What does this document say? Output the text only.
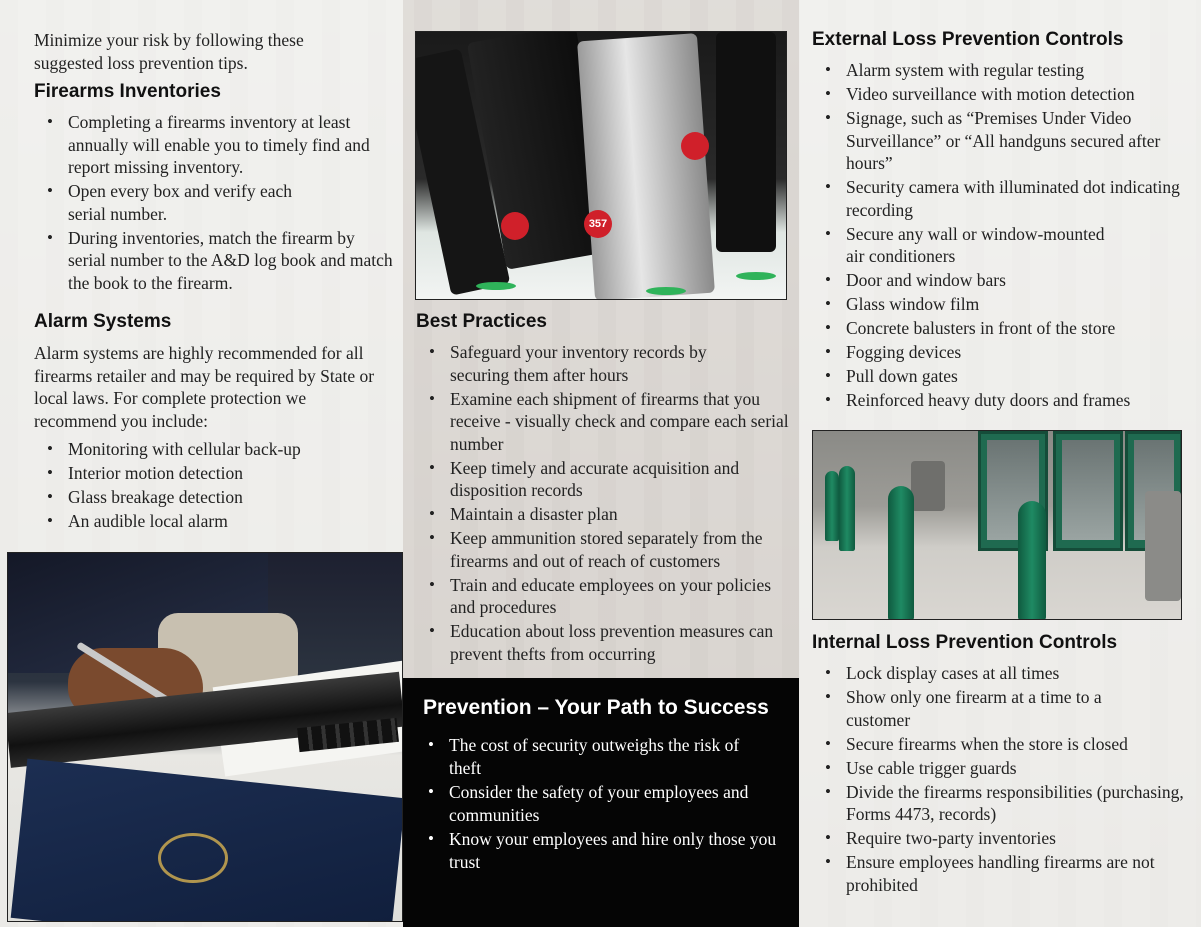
Minimize your risk by following these suggested loss prevention tips.

Firearms Inventories
• Completing a firearms inventory at least annually will enable you to timely find and report missing inventory.
• Open every box and verify each serial number.
• During inventories, match the firearm by serial number to the A&D log book and match the book to the firearm.
Alarm Systems

Alarm systems are highly recommended for all firearms retailer and may be required by State or local laws. For complete protection we recommend you include:

• Monitoring with cellular back-up
• Interior motion detection
• Glass breakage detection
• An audible local alarm
357
Best Practices
• Safeguard your inventory records by securing them after hours
• Examine each shipment of firearms that you receive - visually check and compare each serial number
• Keep timely and accurate acquisition and disposition records
• Maintain a disaster plan
• Keep ammunition stored separately from the firearms and out of reach of customers
• Train and educate employees on your policies and procedures
• Education about loss prevention measures can prevent thefts from occurring
Prevention – Your Path to Success
• The cost of security outweighs the risk of theft
• Consider the safety of your employees and communities
• Know your employees and hire only those you trust
External Loss Prevention Controls
• Alarm system with regular testing
• Video surveillance with motion detection
• Signage, such as “Premises Under Video Surveillance” or “All handguns secured after hours”
• Security camera with illuminated dot indicating recording
• Secure any wall or window-mounted air conditioners
• Door and window bars
• Glass window film
• Concrete balusters in front of the store
• Fogging devices
• Pull down gates
• Reinforced heavy duty doors and frames
Internal Loss Prevention Controls
• Lock display cases at all times
• Show only one firearm at a time to a customer
• Secure firearms when the store is closed
• Use cable trigger guards
• Divide the firearms responsibilities (purchasing, Forms 4473, records)
• Require two-party inventories
• Ensure employees handling firearms are not prohibited
